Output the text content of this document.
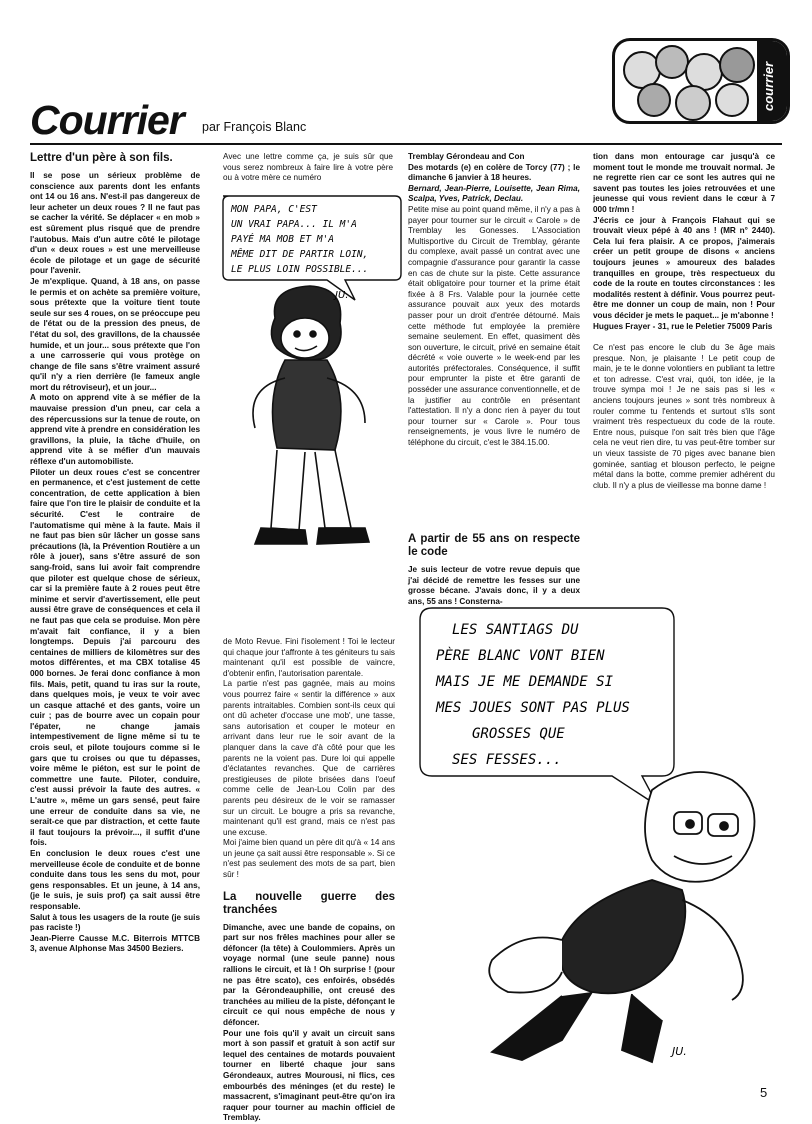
Courrier par François Blanc
courrier
Lettre d'un père à son fils.

Il se pose un sérieux problème de conscience aux parents dont les enfants ont 14 ou 16 ans. N'est-il pas dangereux de leur acheter un deux roues ? Il ne faut pas se cacher la vérité. Se déplacer « en mob » est sûrement plus risqué que de prendre l'autobus. Mais d'un autre côté le pilotage d'un « deux roues » est une merveilleuse école de pilotage et un gage de sécurité pour l'avenir.

Je m'explique. Quand, à 18 ans, on passe le permis et on achète sa première voiture, sous prétexte que la voiture tient toute seule sur ses 4 roues, on se préoccupe peu de l'état ou de la pression des pneus, de l'état du sol, des gravillons, de la chaussée humide, et un jour... sous prétexte que l'on a une carrosserie qui vous protège on change de file sans s'être vraiment assuré qu'il n'y a rien derrière (le fameux angle mort du rétroviseur), et un jour...

A moto on apprend vite à se méfier de la mauvaise pression d'un pneu, car cela a des répercussions sur la tenue de route, on apprend vite à prendre en considération les gravillons, la pluie, la tâche d'huile, on apprend vite à se méfier d'un mauvais réflexe d'un automobiliste.

Piloter un deux roues c'est se concentrer en permanence, et c'est justement de cette concentration, de cette application à bien faire que l'on tire le plaisir de conduite et la sécurité. C'est le contraire de l'automatisme qui mène à la faute. Mais il ne faut pas bien sûr lâcher un gosse sans précautions (là, la Prévention Routière a un rôle à jouer), sans s'être assuré de son sang-froid, sans lui avoir fait comprendre que piloter est quelque chose de sérieux, car si la première faute à 2 roues peut être minime et servir d'avertissement, elle peut aussi être grave de conséquences et cela il ne faut pas que cela se produise. Mon père m'avait fait confiance, il y a bien longtemps. Depuis j'ai parcouru des centaines de milliers de kilomètres sur des motos différentes, et ma CBX totalise 45 000 bornes. Je ferai donc confiance à mon fils. Mais, petit, quand tu iras sur la route, dans quelques mois, je veux te voir avec un casque attaché et des gants, voire un cuir ; pas de bourre avec un copain pour l'épater, ne change jamais intempestivement de ligne même si tu te crois seul, et pilote toujours comme si le gars que tu croises ou que tu dépasses, voire même le piéton, est sur le point de commettre une faute. Piloter, conduire, c'est aussi prévoir la faute des autres. « L'autre », même un gars sensé, peut faire une erreur de conduite dans sa vie, ne serait-ce que par distraction, et cette faute il faut toujours la prévoir..., il suffit d'une fois.

En conclusion le deux roues c'est une merveilleuse école de conduite et de bonne conduite dans tous les sens du mot, pour gens responsables. Et un jeune, à 14 ans, (je le suis, je suis prof) ça sait aussi être responsable.

Salut à tous les usagers de la route (je suis pas raciste !)

Jean-Pierre Causse M.C. Biterrois MTTCB 3, avenue Alphonse Mas 34500 Beziers.

Avec une lettre comme ça, je suis sûr que vous serez nombreux à faire lire à votre père ou à votre mère ce numéro

MON PAPA, C'EST
UN VRAI PAPA... IL M'A
PAYÉ MA MOB ET M'A
MÊME DIT DE PARTIR LOIN,
LE PLUS LOIN POSSIBLE...
JU.

de Moto Revue. Fini l'isolement ! Toi le lecteur qui chaque jour t'affronte à tes géniteurs tu sais maintenant qu'il est possible de vaincre, d'obtenir enfin, l'autorisation parentale.

La partie n'est pas gagnée, mais au moins vous pourrez faire « sentir la différence » aux parents intraitables. Combien sont-ils ceux qui ont dû acheter d'occase une mob', une tasse, sans autorisation et couper le moteur en arrivant dans leur rue le soir avant de la planquer dans la cave d'à côté pour que les parents ne la voient pas. Dure loi qui appelle d'éclatantes revanches. Que de carrières prestigieuses de pilote brisées dans l'oeuf comme celle de Jean-Lou Colin par des parents peu désireux de le voir se ramasser sur un circuit. Le bougre a pris sa revanche, maintenant qu'il est grand, mais ce n'est pas une excuse.

Moi j'aime bien quand un père dit qu'à « 14 ans un jeune ça sait aussi être responsable ». Si ce n'est pas seulement des mots de sa part, bien sûr !

La nouvelle guerre des tranchées

Dimanche, avec une bande de copains, on part sur nos frêles machines pour aller se défoncer (la tête) à Coulommiers. Après un voyage normal (une seule panne) nous rallions le circuit, et là ! Oh surprise ! (pour ne pas être scato), ces enfoirés, obsédés par la Gérondeauphilie, ont creusé des tranchées au milieu de la piste, défonçant le circuit ce qui nous empêche de nous y défoncer.

Pour une fois qu'il y avait un circuit sans mort à son passif et gratuit à son actif sur lequel des centaines de motards pouvaient tourner en liberté chaque jour sans Gérondeaux, autres Mourousi, ni flics, ces embourbés des méninges (et du reste) le massacrent, s'imaginant peut-être qu'on ira raquer pour tourner au machin officiel de Tremblay.

Tremblay Gérondeau and Con

Des motards (e) en colère de Torcy (77) ; le dimanche 6 janvier à 18 heures.

Bernard, Jean-Pierre, Louisette, Jean Rima, Scalpa, Yves, Patrick, Declau.

Petite mise au point quand même, il n'y a pas à payer pour tourner sur le circuit « Carole » de Tremblay les Gonesses. L'Association Multisportive du Circuit de Tremblay, gérante du complexe, avait passé un contrat avec une compagnie d'assurance pour garantir la casse en cas de chute sur la piste. Cette assurance était obligatoire pour tourner et la prime était fixée à 8 Frs. Valable pour la journée cette assurance pouvait aux yeux des motards passer pour un droit d'entrée détourné. Mais cette méthode fut employée la première semaine seulement. En effet, quasiment dès son ouverture, le circuit, privé en semaine était décrété « voie ouverte » le week-end par les autorités préfectorales. Conséquence, il suffit pour emprunter la piste et être garanti de posséder une assurance conventionnelle, et de la justifier au contrôle en présentant l'attestation. Il n'y a donc rien à payer du tout pour tourner sur « Carole ». Pour tous renseignements, je vous livre le numéro de téléphone du circuit, c'est le 384.15.00.

A partir de 55 ans on respecte le code

Je suis lecteur de votre revue depuis que j'ai décidé de remettre les fesses sur une grosse bécane. J'avais donc, il y a deux ans, 55 ans ! Consterna-

tion dans mon entourage car jusqu'à ce moment tout le monde me trouvait normal. Je ne regrette rien car ce sont les autres qui ne savent pas toutes les joies retrouvées et une jeunesse qui vous revient dans le cœur à 7 000 tr/mn !

J'écris ce jour à François Flahaut qui se trouvait vieux pépé à 40 ans ! (MR n° 2440). Cela lui fera plaisir. A ce propos, j'aimerais créer un petit groupe de disons « anciens toujours jeunes » amoureux des balades tranquilles en groupe, très respectueux du code de la route en toutes circonstances : les modalités restent à définir. Vous pourrez peut-être me donner un coup de main, non ! Pour vous décider je mets le paquet... je m'abonne !

Hugues Frayer - 31, rue le Peletier 75009 Paris

Ce n'est pas encore le club du 3e âge mais presque. Non, je plaisante ! Le petit coup de main, je te le donne volontiers en publiant ta lettre et ton adresse. C'est vrai, quói, ton idée, je la trouve sympa moi ! Je ne sais pas si les « anciens toujours jeunes » sont très nombreux à rouler comme tu l'entends et surtout s'ils sont vraiment très respectueux du code de la route. Entre nous, puisque l'on sait très bien que l'âge cela ne veut rien dire, tu vas peut-être tomber sur un vieux tassiste de 70 piges avec banane bien gominée, santiag et blouson perfecto, le peigne métal dans la botte, comme premier adhérent du club. Il n'y a plus de vieillesse ma bonne dame !

LES SANTIAGS DU
PÈRE BLANC VONT BIEN
MAIS JE ME DEMANDE SI
MES JOUES SONT PAS PLUS
GROSSES QUE
SES FESSES...
JU.
5
